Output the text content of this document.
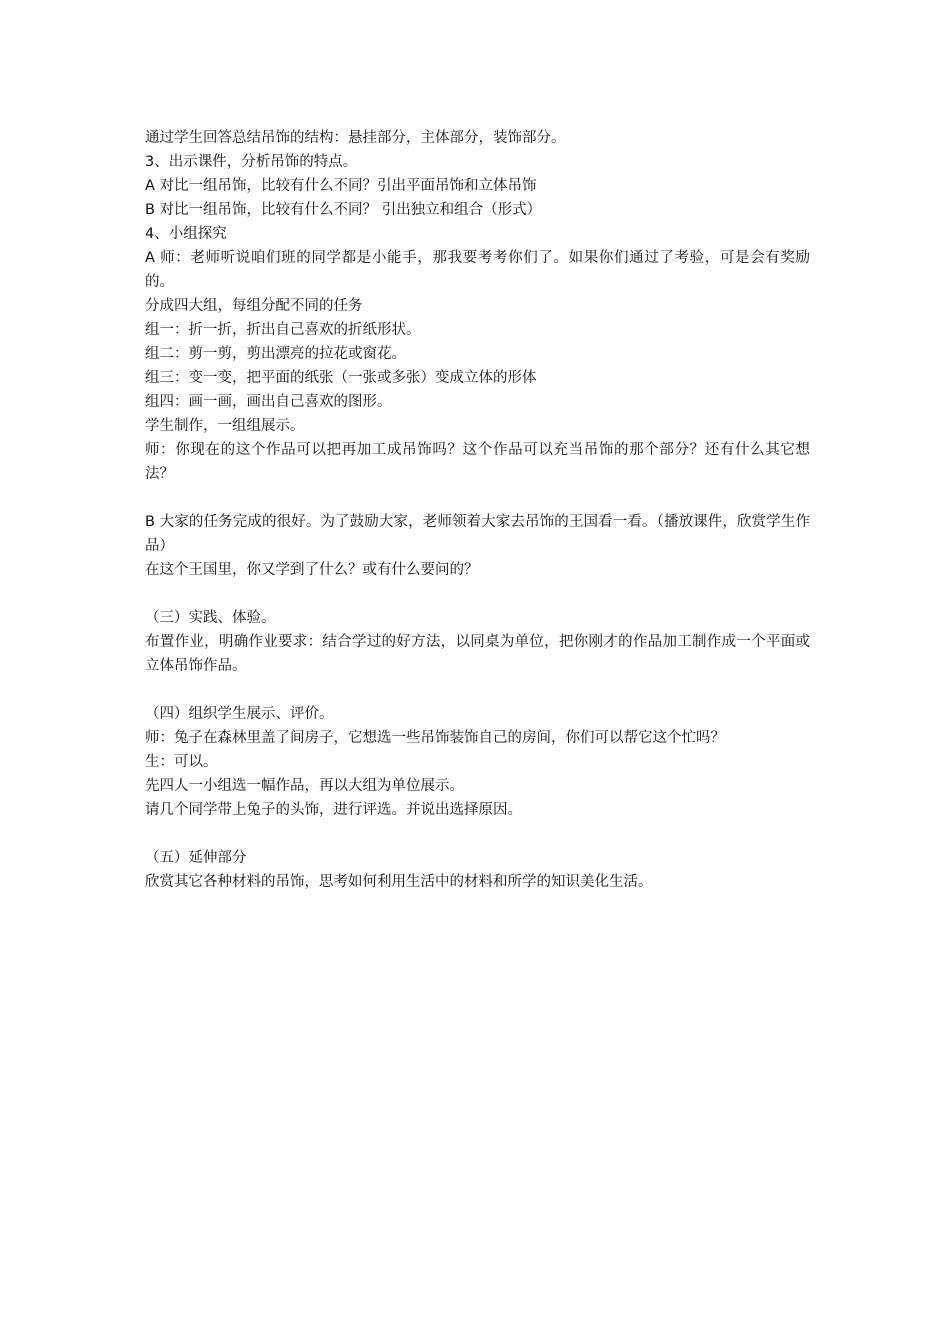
通过学生回答总结吊饰的结构：悬挂部分，主体部分，装饰部分。
3、出示课件，分析吊饰的特点。
A 对比一组吊饰，比较有什么不同？引出平面吊饰和立体吊饰
B 对比一组吊饰，比较有什么不同？ 引出独立和组合（形式）
4、小组探究
A 师：老师听说咱们班的同学都是小能手，那我要考考你们了。如果你们通过了考验，可是会有奖励的。
分成四大组，每组分配不同的任务
组一：折一折，折出自己喜欢的折纸形状。
组二：剪一剪，剪出漂亮的拉花或窗花。
组三：变一变，把平面的纸张（一张或多张）变成立体的形体
组四：画一画，画出自己喜欢的图形。
学生制作，一组组展示。
师：你现在的这个作品可以把再加工成吊饰吗？这个作品可以充当吊饰的那个部分？还有什么其它想法？
B 大家的任务完成的很好。为了鼓励大家，老师领着大家去吊饰的王国看一看。（播放课件，欣赏学生作品）
在这个王国里，你又学到了什么？或有什么要问的？
（三）实践、体验。
布置作业，明确作业要求：结合学过的好方法，以同桌为单位，把你刚才的作品加工制作成一个平面或立体吊饰作品。
（四）组织学生展示、评价。
师：兔子在森林里盖了间房子，它想选一些吊饰装饰自己的房间，你们可以帮它这个忙吗？
生：可以。
先四人一小组选一幅作品，再以大组为单位展示。
请几个同学带上兔子的头饰，进行评选。并说出选择原因。
（五）延伸部分
欣赏其它各种材料的吊饰，思考如何利用生活中的材料和所学的知识美化生活。
